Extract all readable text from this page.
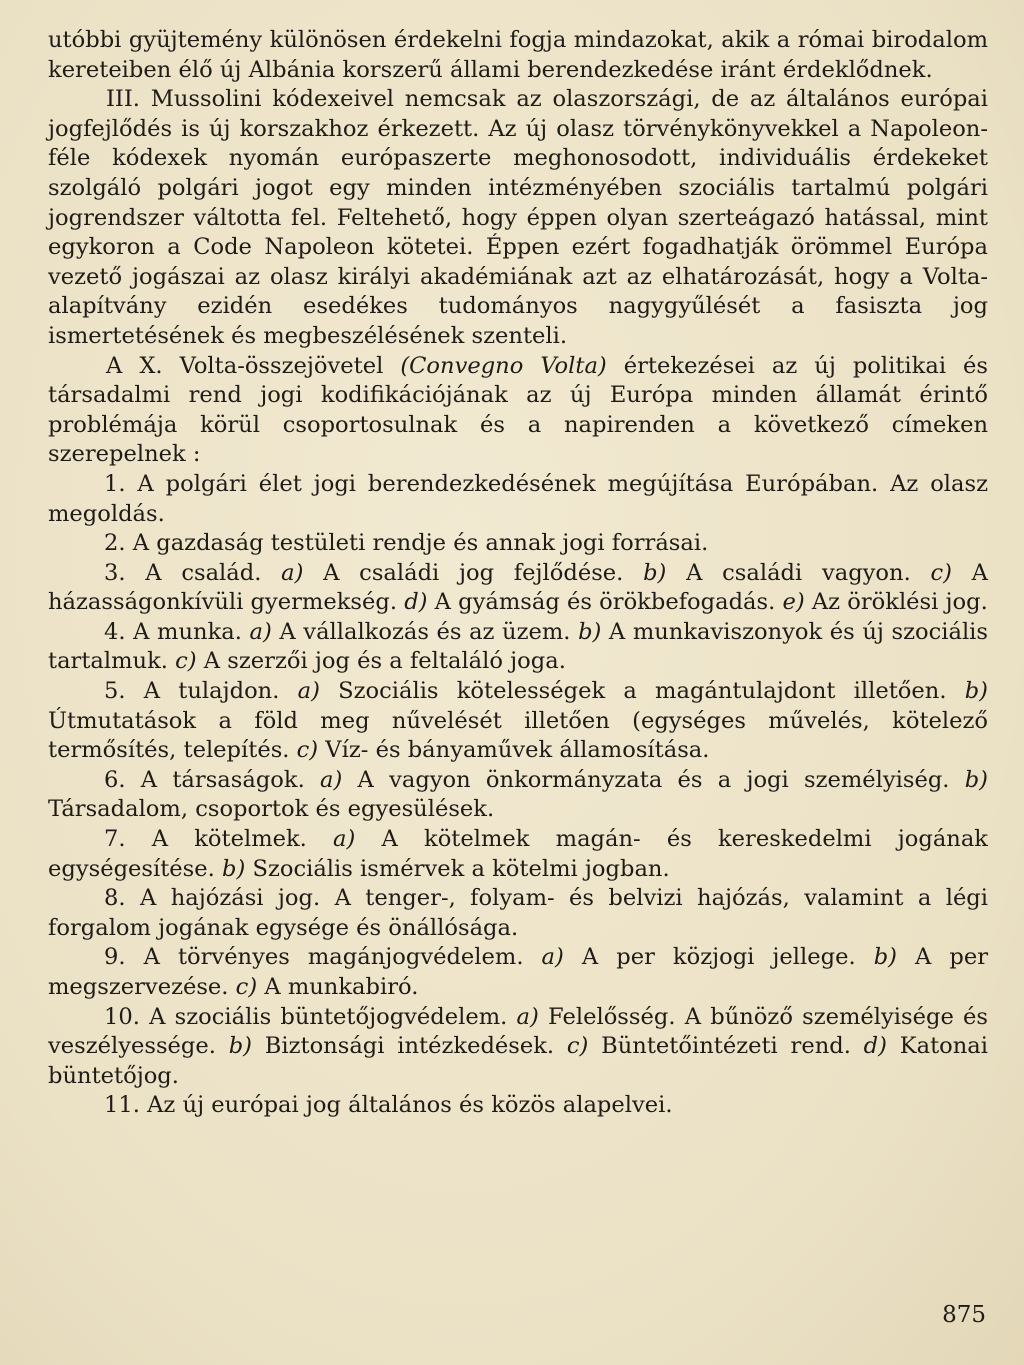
utóbbi gyüjtemény különösen érdekelni fogja mindazokat, akik a római birodalom kereteiben élő új Albánia korszerű állami berendezkedése iránt érdeklődnek.

III. Mussolini kódexeivel nemcsak az olaszországi, de az általános európai jogfejlődés is új korszakhoz érkezett. Az új olasz törvénykönyvekkel a Napoleon-féle kódexek nyomán európaszerte meghonosodott, individuális érdekeket szolgáló polgári jogot egy minden intézményében szociális tartalmú polgári jogrendszer váltotta fel. Feltehető, hogy éppen olyan szerteágazó hatással, mint egykoron a Code Napoleon kötetei. Éppen ezért fogadhatják örömmel Európa vezető jogászai az olasz királyi akadémiának azt az elhatározását, hogy a Volta-alapítvány ezidén esedékes tudományos nagygyűlését a fasiszta jog ismertetésének és megbeszélésének szenteli.

A X. Volta-összejövetel (Convegno Volta) értekezései az új politikai és társadalmi rend jogi kodifikációjának az új Európa minden államát érintő problémája körül csoportosulnak és a napirenden a következő címeken szerepelnek :

1. A polgári élet jogi berendezkedésének megújítása Európában. Az olasz megoldás.

2. A gazdaság testületi rendje és annak jogi forrásai.

3. A család. a) A családi jog fejlődése. b) A családi vagyon. c) A házasságonkívüli gyermekség. d) A gyámság és örökbefogadás. e) Az öröklési jog.

4. A munka. a) A vállalkozás és az üzem. b) A munkaviszonyok és új szociális tartalmuk. c) A szerzői jog és a feltaláló joga.

5. A tulajdon. a) Szociális kötelességek a magántulajdont illetően. b) Útmutatások a föld meg nűvelését illetően (egységes művelés, kötelező termősítés, telepítés. c) Víz- és bányaművek államosítása.

6. A társaságok. a) A vagyon önkormányzata és a jogi személyiség. b) Társadalom, csoportok és egyesülések.

7. A kötelmek. a) A kötelmek magán- és kereskedelmi jogának egységesítése. b) Szociális ismérvek a kötelmi jogban.

8. A hajózási jog. A tenger-, folyam- és belvizi hajózás, valamint a légi forgalom jogának egysége és önállósága.

9. A törvényes magánjogvédelem. a) A per közjogi jellege. b) A per megszervezése. c) A munkabiró.

10. A szociális büntetőjogvédelem. a) Felelősség. A bűnöző személyisége és veszélyessége. b) Biztonsági intézkedések. c) Büntetőintézeti rend. d) Katonai büntetőjog.

11. Az új európai jog általános és közös alapelvei.

875
